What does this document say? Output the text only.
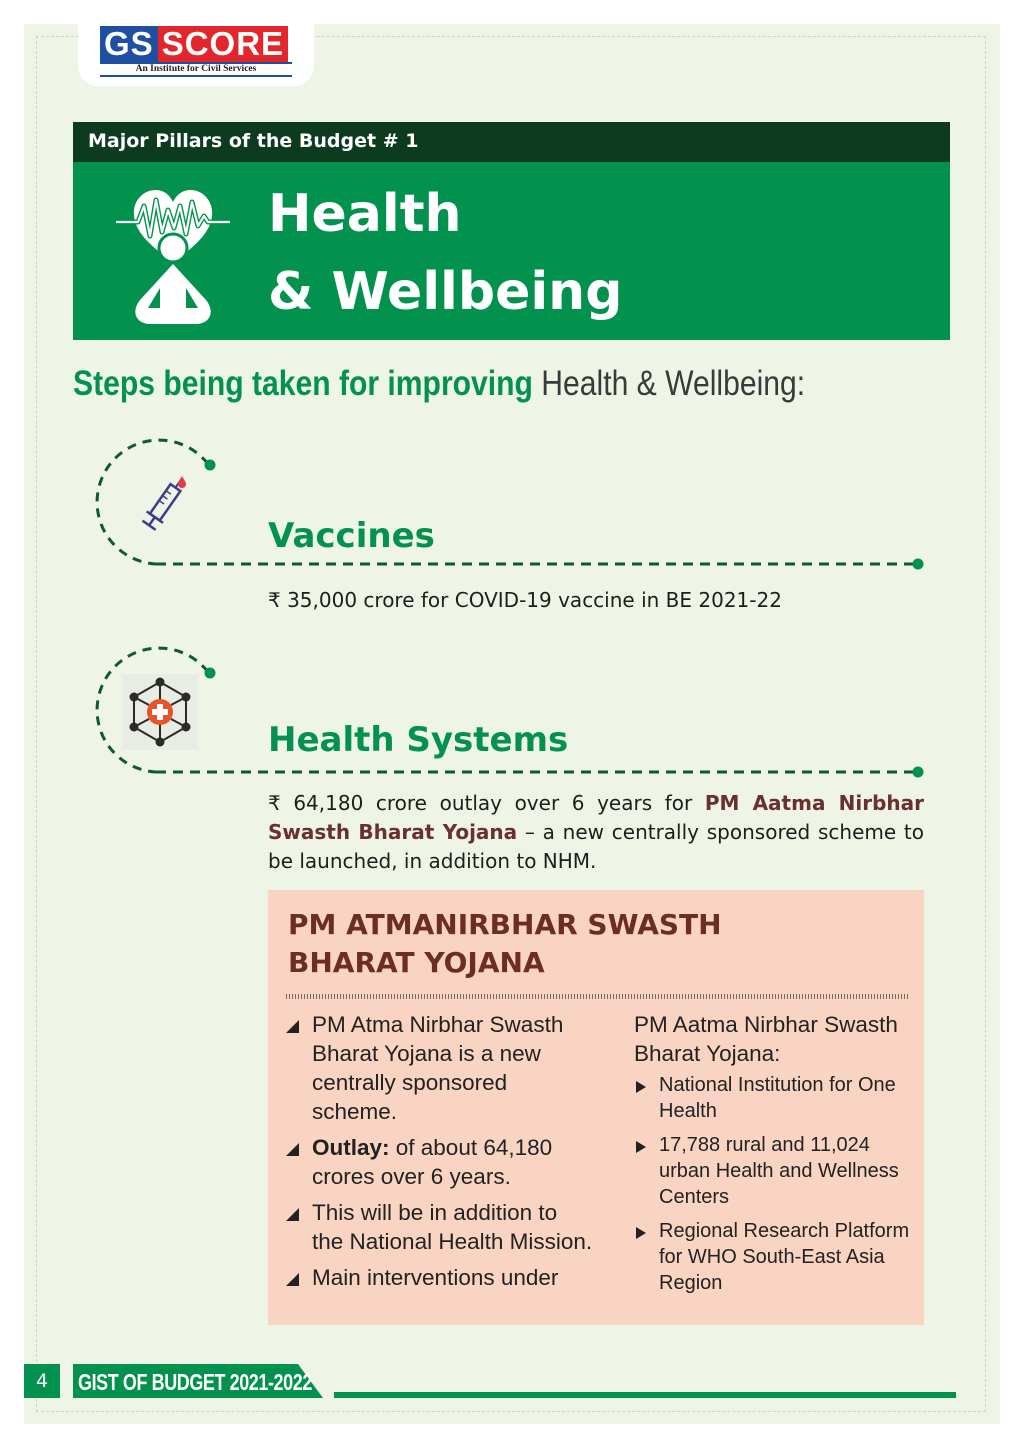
GS SCORE
An Institute for Civil Services
Major Pillars of the Budget # 1
Health
& Wellbeing
Steps being taken for improving Health & Wellbeing:
Vaccines
₹ 35,000 crore for COVID-19 vaccine in BE 2021-22
Health Systems
₹ 64,180 crore outlay over 6 years for PM Aatma Nirbhar Swasth Bharat Yojana – a new centrally sponsored scheme to be launched, in addition to NHM.
PM ATMANIRBHAR SWASTH BHARAT YOJANA
PM Atma Nirbhar Swasth Bharat Yojana is a new centrally sponsored scheme.
Outlay: of about 64,180 crores over 6 years.
This will be in addition to the National Health Mission.
Main interventions under
PM Aatma Nirbhar Swasth Bharat Yojana:
National Institution for One Health
17,788 rural and 11,024 urban Health and Wellness Centers
Regional Research Platform for WHO South-East Asia Region
4	GIST OF BUDGET 2021-2022
